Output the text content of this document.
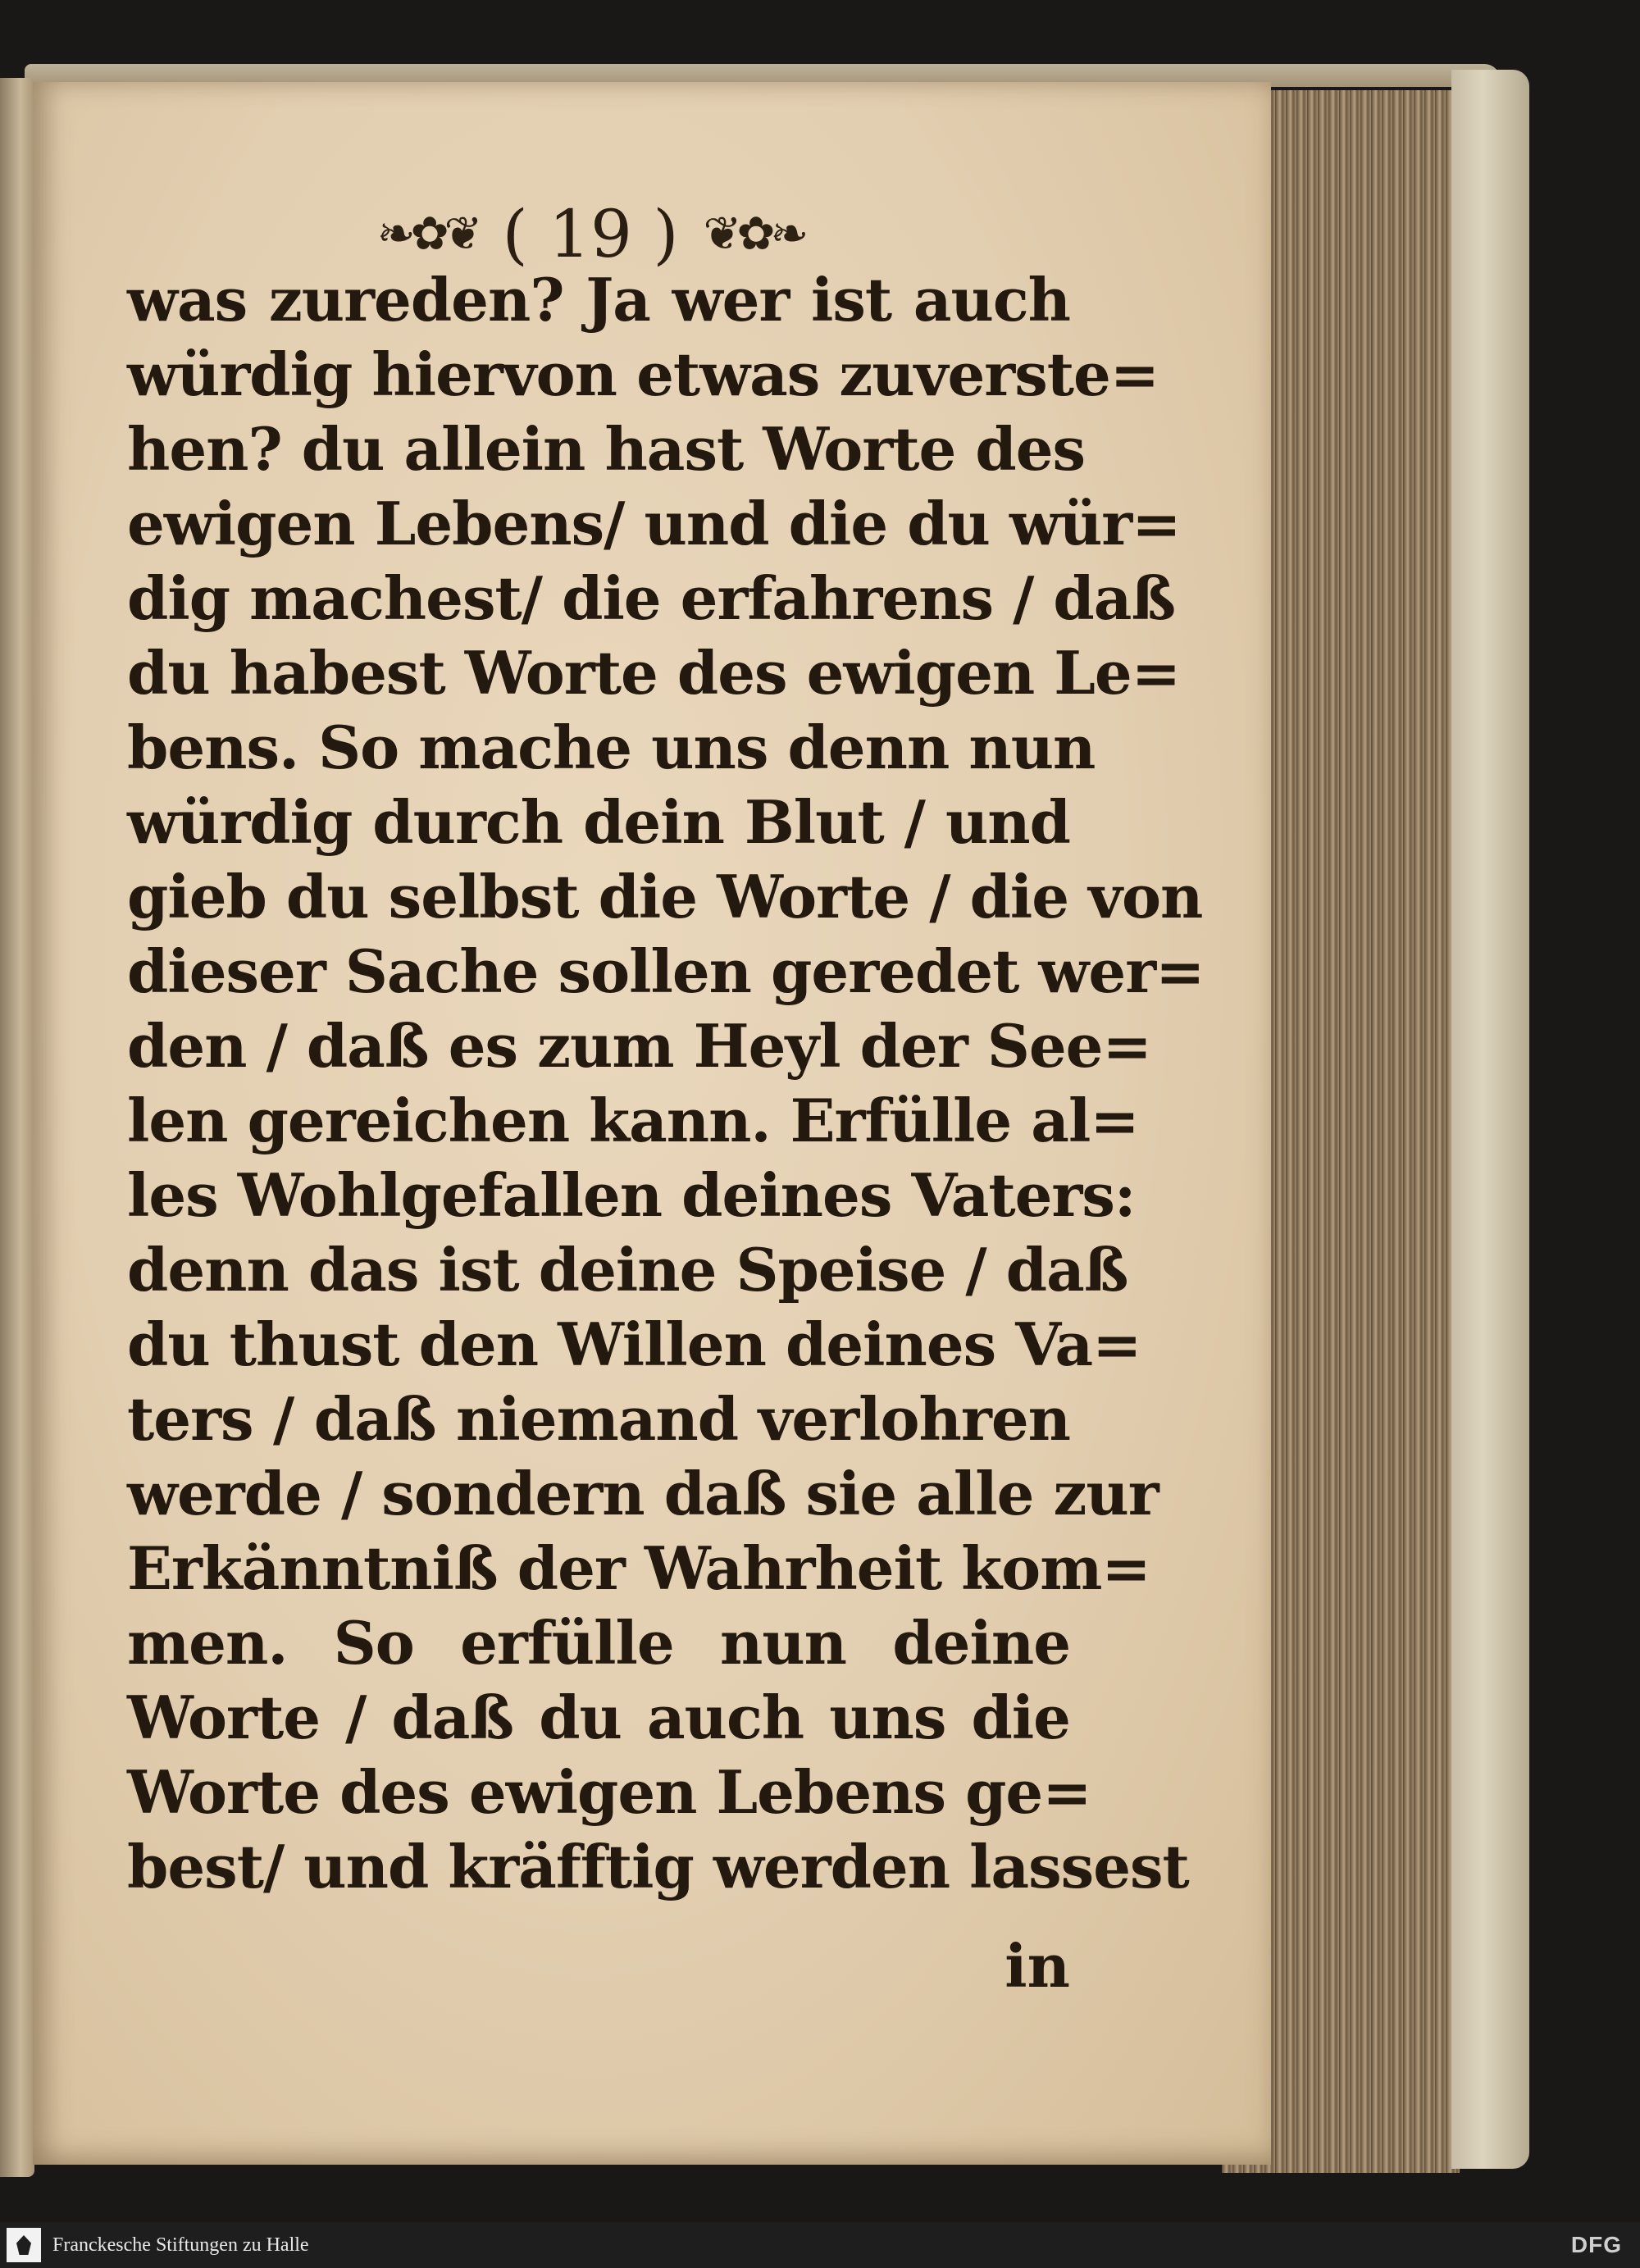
❧✿❦ ( 19 ) ❦✿❧
was zureden? Ja wer ist auch
würdig hiervon etwas zuverste=
hen? du allein hast Worte des
ewigen Lebens/ und die du wür=
dig machest/ die erfahrens / daß
du habest Worte des ewigen Le=
bens. So mache uns denn nun
würdig durch dein Blut / und
gieb du selbst die Worte / die von
dieser Sache sollen geredet wer=
den / daß es zum Heyl der See=
len gereichen kann. Erfülle al=
les Wohlgefallen deines Vaters:
denn das ist deine Speise / daß
du thust den Willen deines Va=
ters / daß niemand verlohren
werde / sondern daß sie alle zur
Erkänntniß der Wahrheit kom=
men. So erfülle nun deine
Worte / daß du auch uns die
Worte des ewigen Lebens ge=
best/ und kräfftig werden lassest
in
Franckesche Stiftungen zu Halle	DFG
